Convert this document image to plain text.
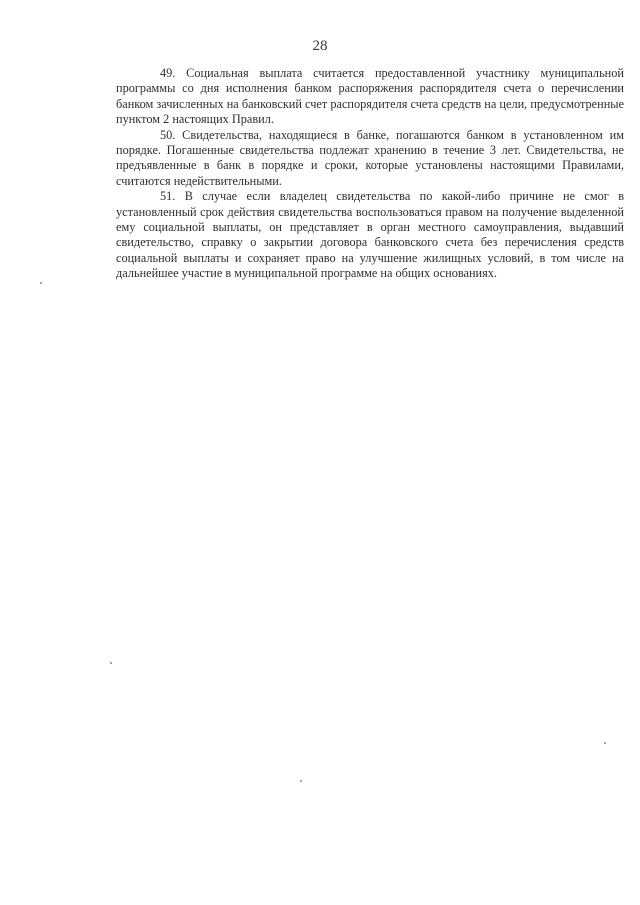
28

49. Социальная выплата считается предоставленной участнику муниципальной программы со дня исполнения банком распоряжения распорядителя счета о перечислении банком зачисленных на банковский счет распорядителя счета средств на цели, предусмотренные пунктом 2 настоящих Правил.

50. Свидетельства, находящиеся в банке, погашаются банком в установленном им порядке. Погашенные свидетельства подлежат хранению в течение 3 лет. Свидетельства, не предъявленные в банк в порядке и сроки, которые установлены настоящими Правилами, считаются недействительными.

51. В случае если владелец свидетельства по какой-либо причине не смог в установленный срок действия свидетельства воспользоваться правом на получение выделенной ему социальной выплаты, он представляет в орган местного самоуправления, выдавший свидетельство, справку о закрытии договора банковского счета без перечисления средств социальной выплаты и сохраняет право на улучшение жилищных условий, в том числе на дальнейшее участие в муниципальной программе на общих основаниях.
